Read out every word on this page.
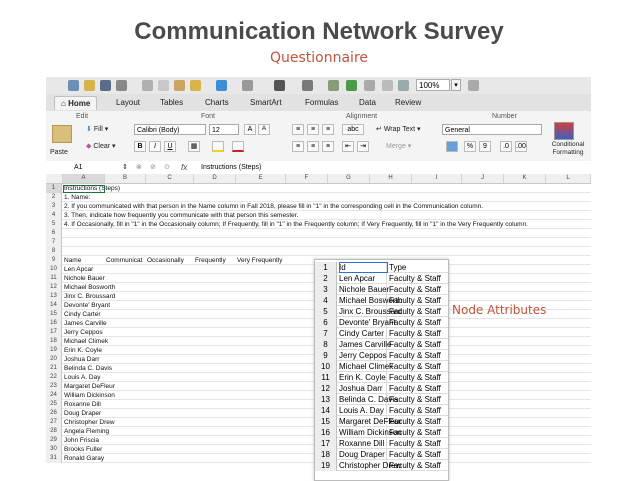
Communication Network Survey
Questionnaire
100%	▾
⌂ Home	Layout Tables	Charts	SmartArt	Formulas	Data Review
Edit	Font	Alignment	Number
Paste
⬇ Fill ▾
◆ Clear ▾
Calibri (Body)	12	A	A
B	I	U	▦
≡	≡	≡	abc	↵ Wrap Text ▾
≡	≡	≡	⇤	⇥	Merge ▾
General
%	9	.0	.00	Conditional Formatting
A1	⇕ ⊗ ⊘ ⊙ fx Instructions (Steps)
A	B	C	D	E	F	G	H	I	J	K	L
1	Instructions (Steps)
2	1. Name:
3	2. If you communicated with that person in the Name column in Fall 2018, please fill in "1" in the corresponding cell in the Communication column.
4	3. Then, indicate how frequently you communicate with that person this semester.
5	4. If Occasionally, fill in "1" in the Occasionally column; If Frequently, fill in "1" in the Frequently column; If Very Frequently, fill in "1" in the Very Frequently column.
6
7
8
9	Name	Communicat Occasionally Frequently Very Frequently
10	Len Apcar
11	Nichole Bauer
12	Michael Bosworth
13	Jinx C. Broussard
14	Devonte' Bryant
15	Cindy Carter
16	James Carville
17	Jerry Ceppos
18	Michael Climek
19	Erin K. Coyle
20	Joshua Darr
21	Belinda C. Davis
22	Louis A. Day
23	Margaret DeFleur
24	William Dickinson
25	Roxanne Dill
26	Doug Draper
27	Christopher Drew
28	Angela Fleming
29	John Friscia
30	Brooks Fuller
31	Ronald Garay
1	Id	Type
2	Len Apcar	Faculty & Staff
3	Nichole Bauer Faculty & Staff
4	Michael Bosworth
Faculty & Staff
5	Jinx C. Broussard
Faculty & Staff
6	Devonte' Bryant
Faculty & Staff
7	Cindy Carter Faculty & Staff
8	James Carville
Faculty & Staff
9	Jerry Ceppos Faculty & Staff
10	Michael Climek
Faculty & Staff
11	Erin K. Coyle Faculty & Staff
12	Joshua Darr Faculty & Staff
13	Belinda C. Davis
Faculty & Staff
14	Louis A. Day Faculty & Staff
15	Margaret DeFleur
Faculty & Staff
16	William Dickinson
Faculty & Staff
17	Roxanne Dill Faculty & Staff
18	Doug Draper Faculty & Staff
19	Christopher Drew
Faculty & Staff
Node Attributes
